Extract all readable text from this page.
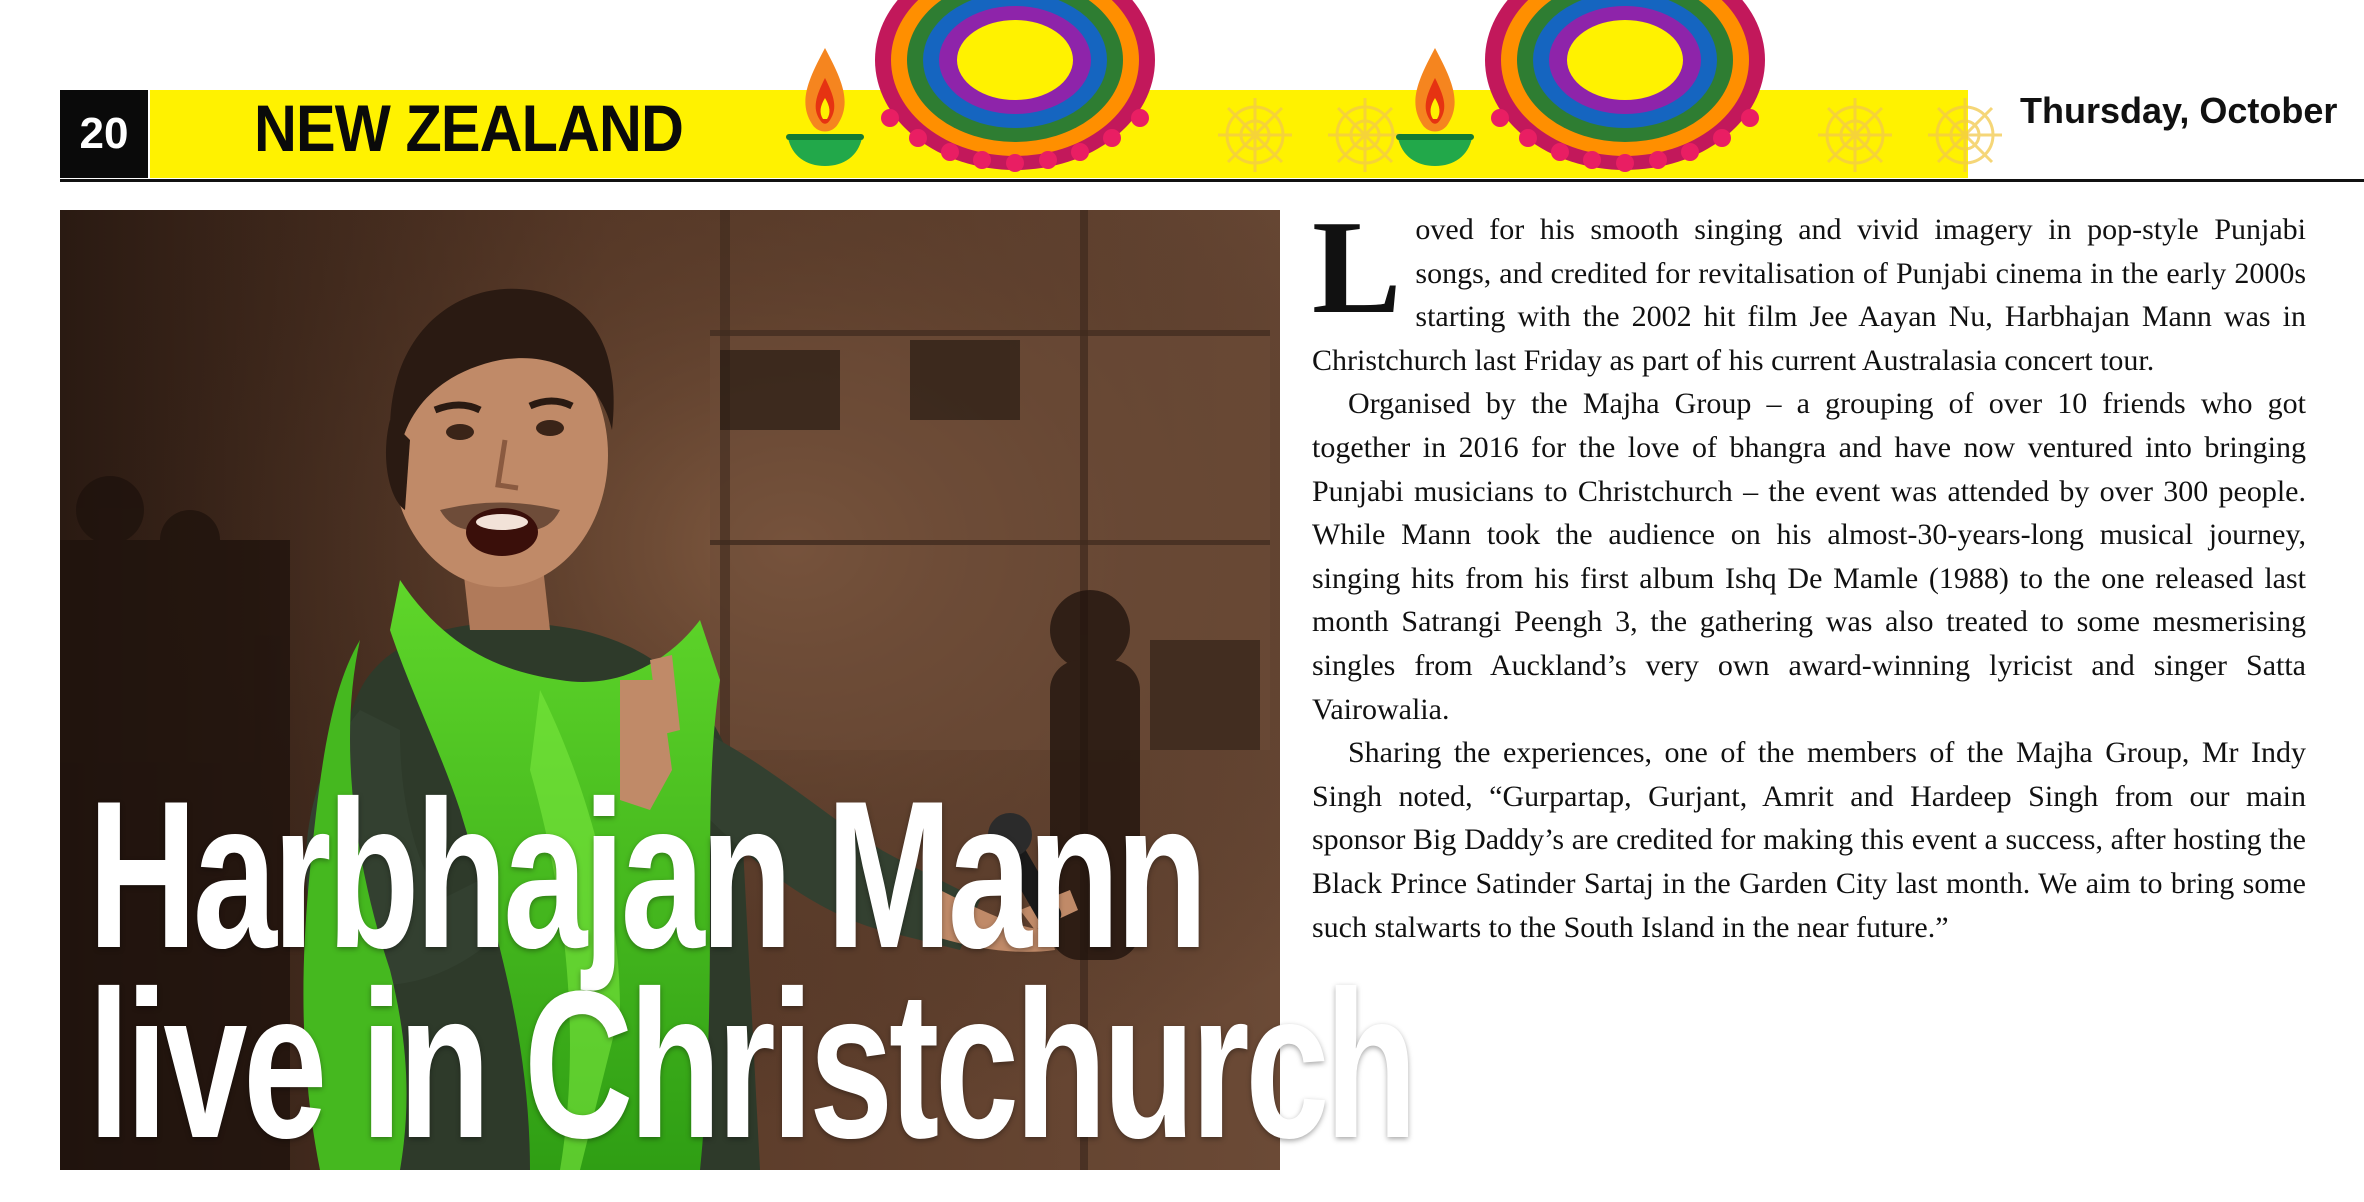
20 NEW ZEALAND	Thursday, October
Harbhajan Mann
live in Christchurch

Loved for his smooth singing and vivid imagery in pop-style Punjabi songs, and credited for revitalisation of Punjabi cinema in the early 2000s starting with the 2002 hit film Jee Aayan Nu, Harbhajan Mann was in Christchurch last Friday as part of his current Australasia concert tour.

Organised by the Majha Group – a grouping of over 10 friends who got together in 2016 for the love of bhangra and have now ventured into bringing Punjabi musicians to Christchurch – the event was attended by over 300 people. While Mann took the audience on his almost-30-years-long musical journey, singing hits from his first album Ishq De Mamle (1988) to the one released last month Satrangi Peengh 3, the gathering was also treated to some mesmerising singles from Auckland’s very own award-winning lyricist and singer Satta Vairowalia.

Sharing the experiences, one of the members of the Majha Group, Mr Indy Singh noted, “Gurpartap, Gurjant, Amrit and Hardeep Singh from our main sponsor Big Daddy’s are credited for making this event a success, after hosting the Black Prince Satinder Sartaj in the Garden City last month. We aim to bring some such stalwarts to the South Island in the near future.”
